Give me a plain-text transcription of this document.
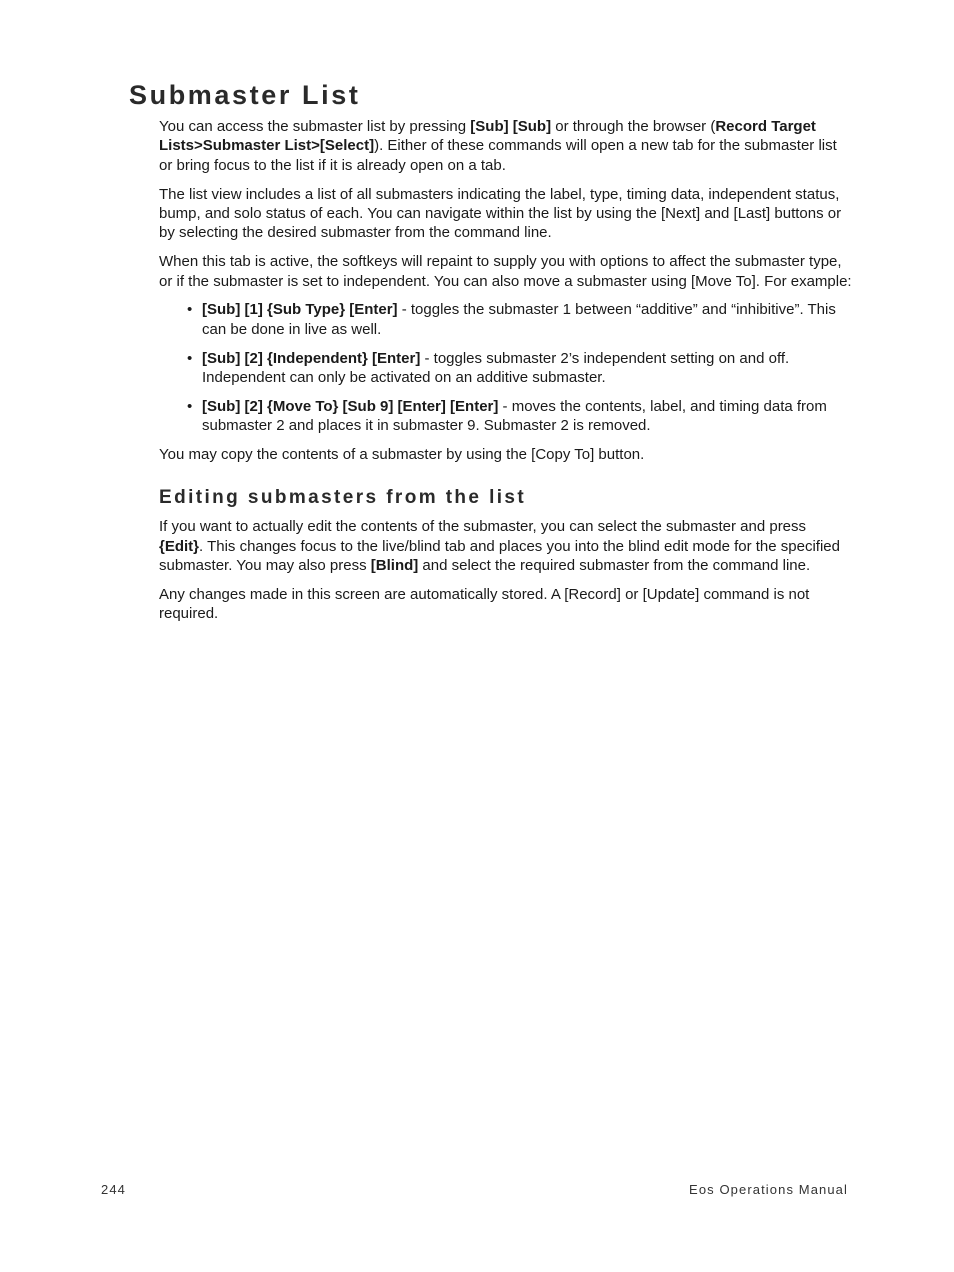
Submaster List

You can access the submaster list by pressing [Sub] [Sub] or through the browser (Record Target Lists>Submaster List>[Select]). Either of these commands will open a new tab for the submaster list or bring focus to the list if it is already open on a tab.

The list view includes a list of all submasters indicating the label, type, timing data, independent status, bump, and solo status of each. You can navigate within the list by using the [Next] and [Last] buttons or by selecting the desired submaster from the command line.

When this tab is active, the softkeys will repaint to supply you with options to affect the submaster type, or if the submaster is set to independent. You can also move a submaster using [Move To]. For example:

• [Sub] [1] {Sub Type} [Enter] - toggles the submaster 1 between “additive” and “inhibitive”. This can be done in live as well.
• [Sub] [2] {Independent} [Enter] - toggles submaster 2’s independent setting on and off. Independent can only be activated on an additive submaster.
• [Sub] [2] {Move To} [Sub 9] [Enter] [Enter] - moves the contents, label, and timing data from submaster 2 and places it in submaster 9. Submaster 2 is removed.

You may copy the contents of a submaster by using the [Copy To] button.

Editing submasters from the list

If you want to actually edit the contents of the submaster, you can select the submaster and press {Edit}. This changes focus to the live/blind tab and places you into the blind edit mode for the specified submaster. You may also press [Blind] and select the required submaster from the command line.

Any changes made in this screen are automatically stored. A [Record] or [Update] command is not required.

244	Eos Operations Manual
